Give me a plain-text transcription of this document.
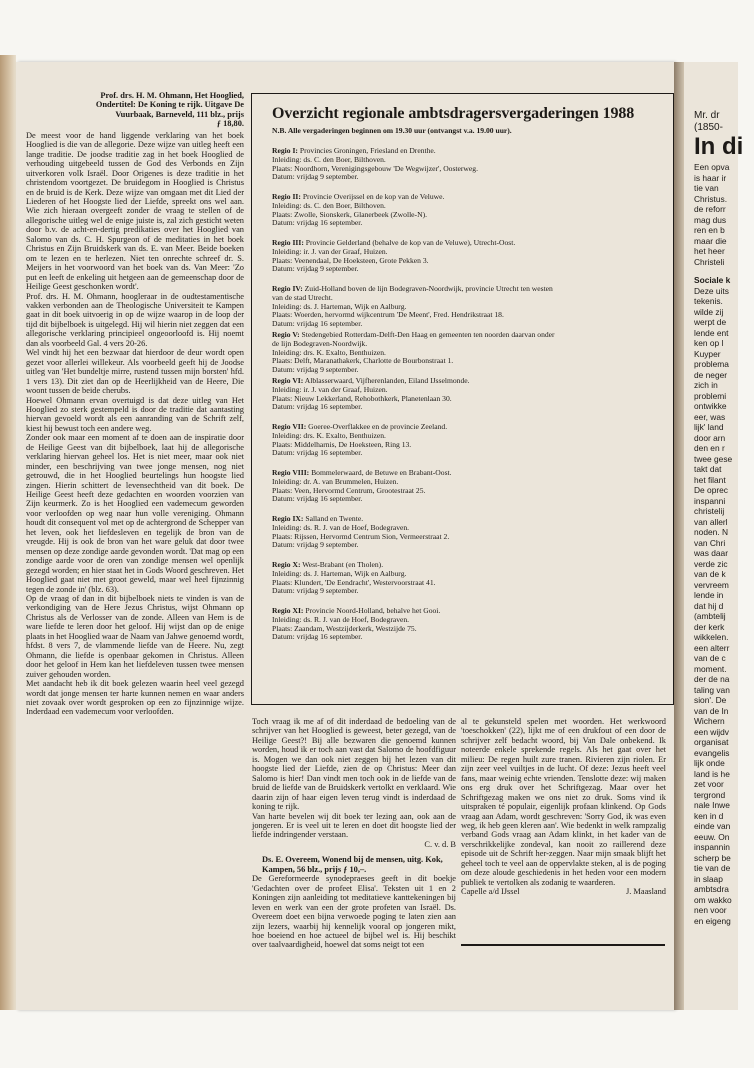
Prof. drs. H. M. Ohmann, Het Hooglied,
Ondertitel: De Koning te rijk. Uitgave De
Vuurbaak, Barneveld, 111 blz., prijs
ƒ 18,80.

De meest voor de hand liggende verklaring van het boek Hooglied is die van de allegorie. Deze wijze van uitleg heeft een lange traditie. De joodse traditie zag in het boek Hooglied de verhouding uitgebeeld tussen de God des Verbonds en Zijn uitverkoren volk Israël. Door Origenes is deze traditie in het christendom voortgezet. De bruidegom in Hooglied is Christus en de bruid is de Kerk. Deze wijze van omgaan met dit Lied der Liederen of het Hoogste lied der Liefde, spreekt ons wel aan. Wie zich hieraan overgeeft zonder de vraag te stellen of de allegorische uitleg wel de enige juiste is, zal zich gesticht weten door b.v. de acht-en-dertig predikaties over het Hooglied van Salomo van ds. C. H. Spurgeon of de meditaties in het boek Christus en Zijn Bruidskerk van ds. E. van Meer. Beide boeken om te lezen en te herlezen. Niet ten onrechte schreef dr. S. Meijers in het voorwoord van het boek van ds. Van Meer: 'Zo put en leeft de enkeling uit hetgeen aan de gemeenschap door de Heilige Geest geschonken wordt'.

Prof. drs. H. M. Ohmann, hoogleraar in de oudtestamentische vakken verbonden aan de Theologische Universiteit te Kampen gaat in dit boek uitvoerig in op de wijze waarop in de loop der tijd dit bijbelboek is uitgelegd. Hij wil hierin niet zeggen dat een allegorische verklaring principieel ongeoorloofd is. Hij noemt dan als voorbeeld Gal. 4 vers 20-26.

Wel vindt hij het een bezwaar dat hierdoor de deur wordt open gezet voor allerlei willekeur. Als voorbeeld geeft hij de Joodse uitleg van 'Het bundeltje mirre, rustend tussen mijn borsten' hfd. 1 vers 13). Dit ziet dan op de Heerlijkheid van de Heere, Die woont tussen de beide cherubs.

Hoewel Ohmann ervan overtuigd is dat deze uitleg van Het Hooglied zo sterk gestempeld is door de traditie dat aantasting hiervan gevoeld wordt als een aanranding van de Schrift zelf, kiest hij bewust toch een andere weg.

Zonder ook maar een moment af te doen aan de inspiratie door de Heilige Geest van dit bijbelboek, laat hij de allegorische verklaring hiervan geheel los. Het is niet meer, maar ook niet minder, een beschrijving van twee jonge mensen, nog niet getrouwd, die in het Hooglied beurtelings hun hoogste lied zingen. Hierin schittert de levensechtheid van dit boek. De Heilige Geest heeft deze gedachten en woorden voorzien van Zijn keurmerk. Zo is het Hooglied een vademecum geworden voor verloofden op weg naar hun volle vereniging. Ohmann houdt dit consequent vol met op de achtergrond de Schepper van het leven, ook het liefdesleven en tegelijk de bron van de vreugde. Hij is ook de bron van het ware geluk dat door twee mensen op deze zondige aarde gevonden wordt. 'Dat mag op een zondige aarde voor de oren van zondige mensen wel openlijk gezegd worden; en hier staat het in Gods Woord geschreven. Het Hooglied gaat niet met groot geweld, maar wel heel fijnzinnig tegen de zonde in' (blz. 63).

Op de vraag of dan in dit bijbelboek niets te vinden is van de verkondiging van de Here Jezus Christus, wijst Ohmann op Christus als de Verlosser van de zonde. Alleen van Hem is de ware liefde te leren door het geloof. Hij wijst dan op de enige plaats in het Hooglied waar de Naam van Jahwe genoemd wordt, hfdst. 8 vers 7, de vlammende liefde van de Heere. Nu, zegt Ohmann, die liefde is openbaar gekomen in Christus. Alleen door het geloof in Hem kan het liefdeleven tussen twee mensen zuiver gehouden worden.

Met aandacht heb ik dit boek gelezen waarin heel veel gezegd wordt dat jonge mensen ter harte kunnen nemen en waar anders niet zovaak over wordt gesproken op een zo fijnzinnige wijze. Inderdaad een vademecum voor verloofden.

Overzicht regionale ambtsdragersvergaderingen 1988
N.B. Alle vergaderingen beginnen om 19.30 uur (ontvangst v.a. 19.00 uur).
Regio I: Provincies Groningen, Friesland en Drenthe.
Inleiding: ds. C. den Boer, Bilthoven.
Plaats: Noordhorn, Verenigingsgebouw 'De Wegwijzer', Oosterweg.
Datum: vrijdag 9 september.
Regio II: Provincie Overijssel en de kop van de Veluwe.
Inleiding: ds. C. den Boer, Bilthoven.
Plaats: Zwolle, Sionskerk, Glanerbeek (Zwolle-N).
Datum: vrijdag 16 september.
Regio III: Provincie Gelderland (behalve de kop van de Veluwe), Utrecht-Oost.
Inleiding: ir. J. van der Graaf, Huizen.
Plaats: Veenendaal, De Hoeksteen, Grote Pekken 3.
Datum: vrijdag 9 september.
Regio IV: Zuid-Holland boven de lijn Bodegraven-Noordwijk, provincie Utrecht ten westen
van de stad Utrecht.
Inleiding: ds. J. Harteman, Wijk en Aalburg.
Plaats: Woerden, hervormd wijkcentrum 'De Meent', Fred. Hendrikstraat 18.
Datum: vrijdag 16 september.
Regio V: Stedengebied Rotterdam-Delft-Den Haag en gemeenten ten noorden daarvan onder
de lijn Bodegraven-Noordwijk.
Inleiding: drs. K. Exalto, Benthuizen.
Plaats: Delft, Maranathakerk, Charlotte de Bourbonstraat 1.
Datum: vrijdag 9 september.
Regio VI: Alblasserwaard, Vijfherenlanden, Eiland IJsselmonde.
Inleiding: ir. J. van der Graaf, Huizen.
Plaats: Nieuw Lekkerland, Rehobothkerk, Planetenlaan 30.
Datum: vrijdag 16 september.
Regio VII: Goeree-Overflakkee en de provincie Zeeland.
Inleiding: drs. K. Exalto, Benthuizen.
Plaats: Middelharnis, De Hoeksteen, Ring 13.
Datum: vrijdag 16 september.
Regio VIII: Bommelerwaard, de Betuwe en Brabant-Oost.
Inleiding: dr. A. van Brummelen, Huizen.
Plaats: Veen, Hervormd Centrum, Grootestraat 25.
Datum: vrijdag 16 september.
Regio IX: Salland en Twente.
Inleiding: ds. R. J. van de Hoef, Bodegraven.
Plaats: Rijssen, Hervormd Centrum Sion, Vermeerstraat 2.
Datum: vrijdag 9 september.
Regio X: West-Brabant (en Tholen).
Inleiding: ds. J. Harteman, Wijk en Aalburg.
Plaats: Klundert, 'De Eendracht', Westervoorstraat 41.
Datum: vrijdag 9 september.
Regio XI: Provincie Noord-Holland, behalve het Gooi.
Inleiding: ds. R. J. van de Hoef, Bodegraven.
Plaats: Zaandam, Westzijderkerk, Westzijde 75.
Datum: vrijdag 16 september.

Toch vraag ik me af of dit inderdaad de bedoeling van de schrijver van het Hooglied is geweest, beter gezegd, van de Heilige Geest?! Bij alle bezwaren die genoemd kunnen worden, houd ik er toch aan vast dat Salomo de hoofdfiguur is. Mogen we dan ook niet zeggen bij het lezen van dit hoogste lied der Liefde, zien de op Christus: Meer dan Salomo is hier! Dan vindt men toch ook in de liefde van de bruid de liefde van de Bruidskerk vertolkt en verklaard. Wie daarin zijn of haar eigen leven terug vindt is inderdaad de koning te rijk.

Van harte bevelen wij dit boek ter lezing aan, ook aan de jongeren. Er is veel uit te leren en doet dit hoogste lied der liefde indringender verstaan.

C. v. d. B

Ds. E. Overeem, Wonend bij de mensen, uitg. Kok, Kampen, 56 blz., prijs ƒ 10,–.

De Gereformeerde synodepraeses geeft in dit boekje 'Gedachten over de profeet Elisa'. Teksten uit 1 en 2 Koningen zijn aanleiding tot meditatieve kanttekeningen bij leven en werk van een der grote profeten van Israël. Ds. Overeem doet een bijna verwoede poging te laten zien aan zijn lezers, waarbij hij kennelijk vooral op jongeren mikt, hoe boeiend en hoe actueel de bijbel wel is. Hij beschikt over taalvaardigheid, hoewel dat soms neigt tot een

al te gekunsteld spelen met woorden. Het werkwoord 'toeschokken' (22), lijkt me of een drukfout of een door de schrijver zelf bedacht woord, bij Van Dale onbekend. Ik noteerde enkele sprekende regels. Als het gaat over het milieu: De regen huilt zure tranen. Rivieren zijn riolen. Er zijn zeer veel vuiltjes in de lucht. Of deze: Jezus heeft veel fans, maar weinig echte vrienden. Tenslotte deze: wij maken ons erg druk over het Schriftgezag. Maar over het Schriftgezag maken we ons niet zo druk. Soms vind ik uitspraken té populair, eigenlijk profaan klinkend. Op Gods vraag aan Adam, wordt geschreven: 'Sorry God, ik was even weg, ik heb geen kleren aan'. Wie bedenkt in welk rampzalig verband Gods vraag aan Adam klinkt, in het kader van de verschrikkelijke zondeval, kan nooit zo raillerend deze episode uit de Schrift her-zeggen. Naar mijn smaak blijft het geheel toch te veel aan de oppervlakte steken, al is de poging om deze aloude geschiedenis in het heden voor een modern publiek te vertolken als zodanig te waarderen.

Capelle a/d IJssel	J. Maasland
Mr. dr
(1850-
In di
Een opva
is haar ir
tie van
Christus.
de reforr
mag dus
ren en b
maar die
het heer
Christeli
Sociale k
Deze uits
tekenis.
wilde zij
werpt de
lende ent
ken op l
Kuyper
problema
de neger
zich in
problemi
ontwikke
eer, was
lijk' land
door arn
den en r
twee gese
takt dat
het filant
De oprec
inspanni
christelij
van allerl
noden. N
van Chri
was daar
verde zic
van de k
vervreem
lende in
dat hij d
(ambtelij
der kerk
wikkelen.
een alterr
van de c
moment.
der de na
taling van
sion'. De
van de In
Wichern
een wijdv
organisat
evangelis
lijk onde
land is he
zet voor
tergrond
nale Inwe
ken in d
einde van
eeuw. On
inspannin
scherp be
tie van de
in slaap
ambtsdra
om wakko
nen voor
en eigeng
